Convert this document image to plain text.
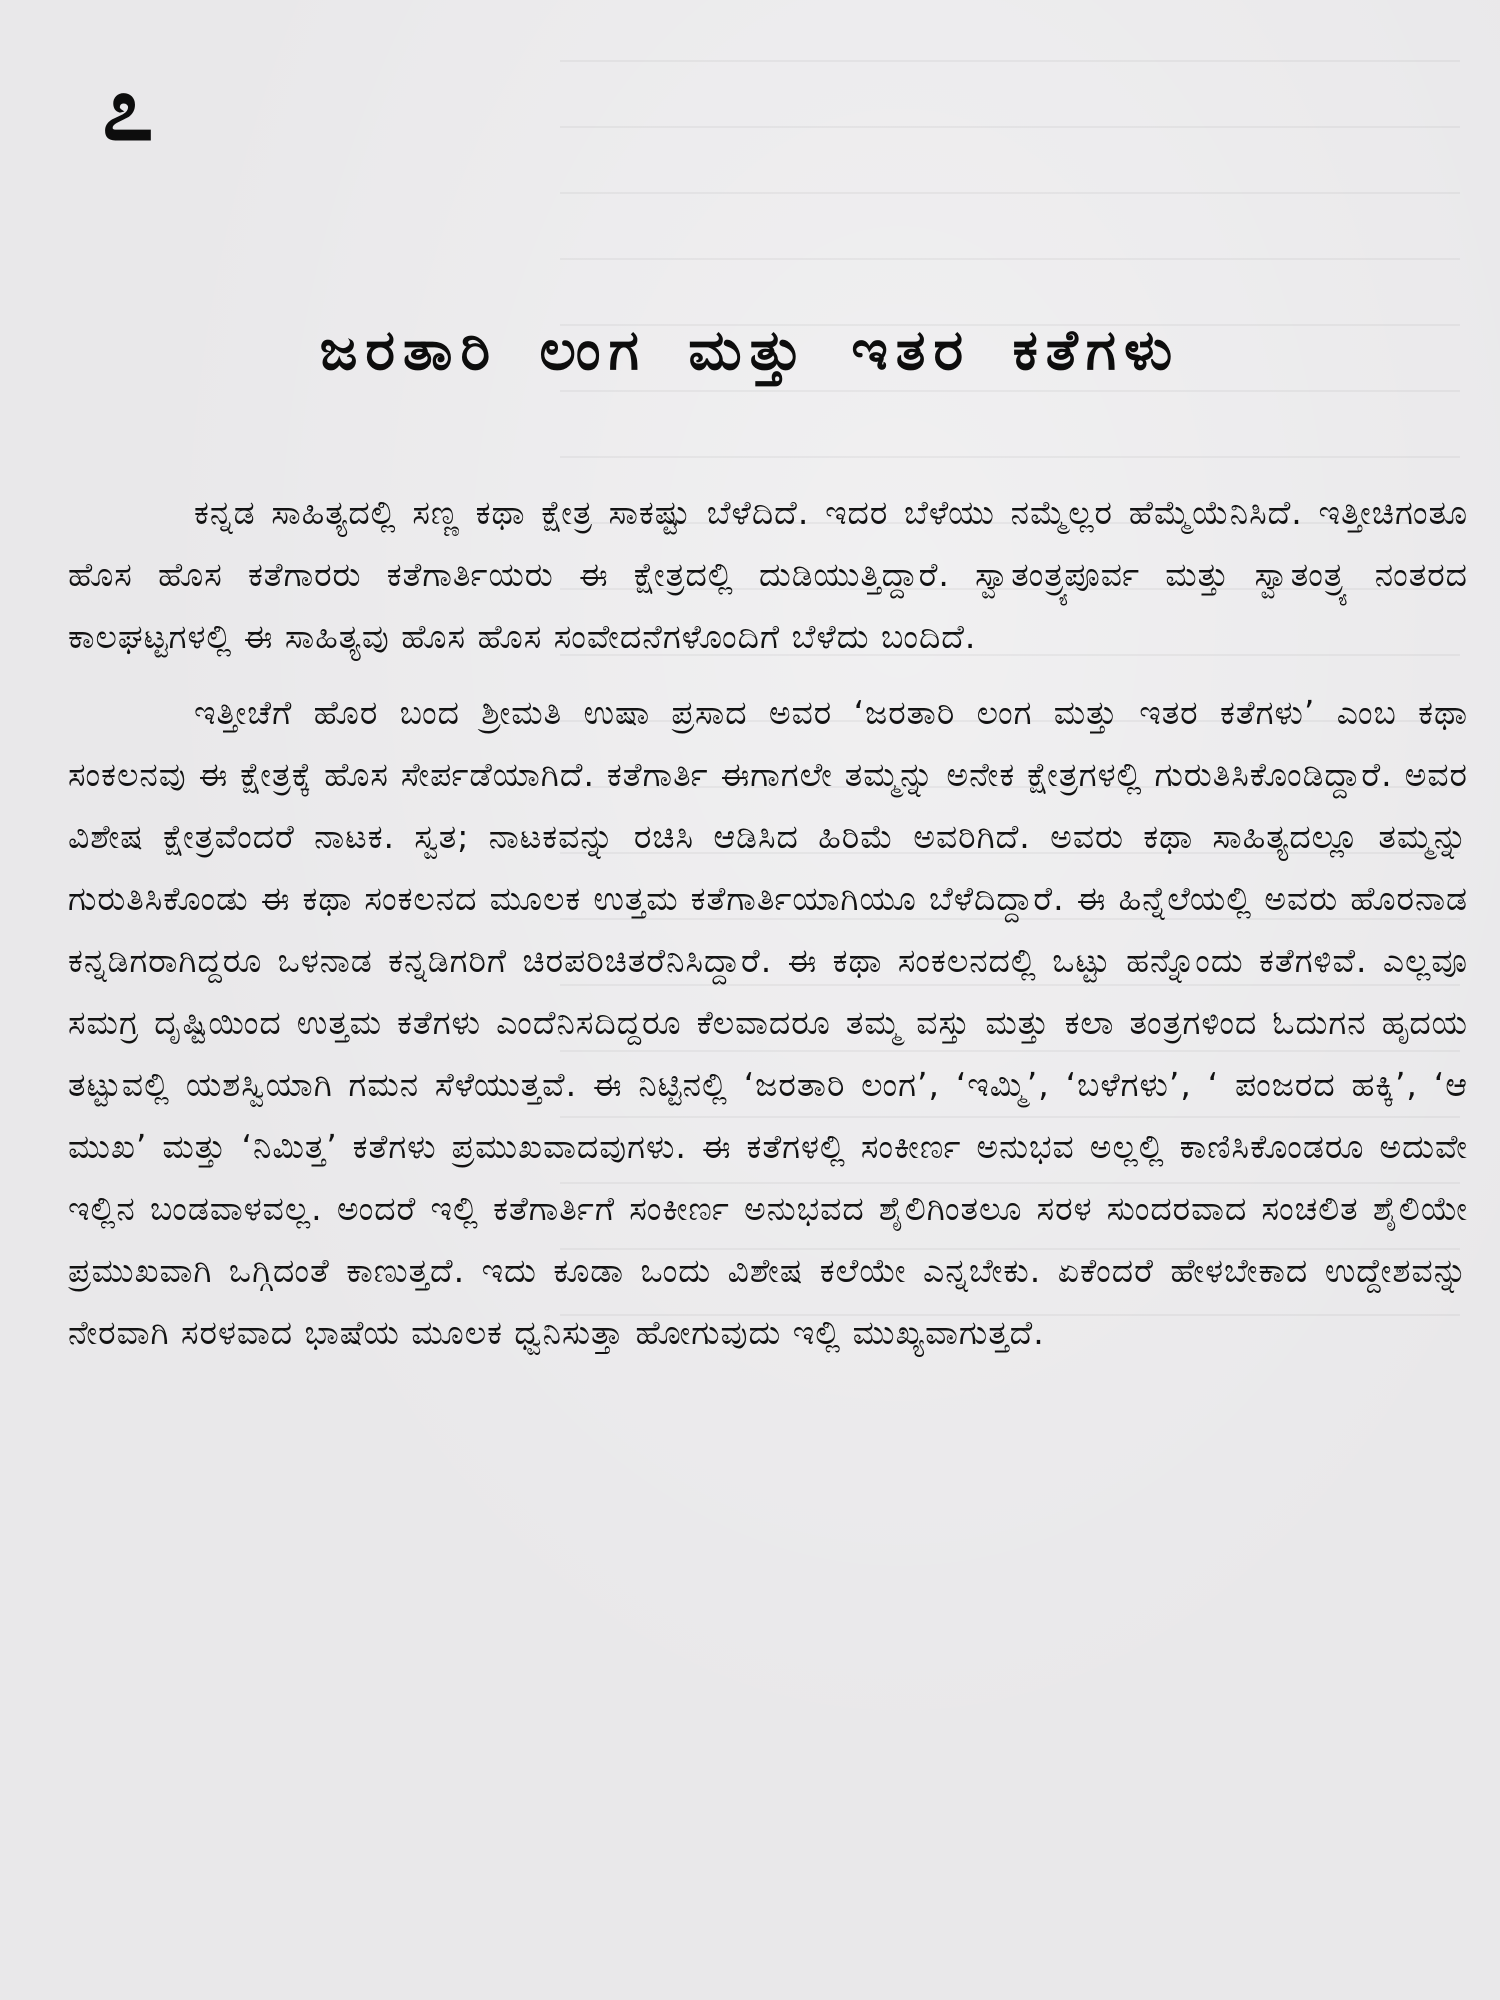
೭
ಜರತಾರಿ ಲಂಗ ಮತ್ತು ಇತರ ಕತೆಗಳು

ಕನ್ನಡ ಸಾಹಿತ್ಯದಲ್ಲಿ ಸಣ್ಣ ಕಥಾ ಕ್ಷೇತ್ರ ಸಾಕಷ್ಟು ಬೆಳೆದಿದೆ. ಇದರ ಬೆಳೆಯು ನಮ್ಮೆಲ್ಲರ ಹೆಮ್ಮೆಯೆನಿಸಿದೆ. ಇತ್ತೀಚಿಗಂತೂ ಹೊಸ ಹೊಸ ಕತೆಗಾರರು ಕತೆಗಾರ್ತಿಯರು ಈ ಕ್ಷೇತ್ರದಲ್ಲಿ ದುಡಿಯುತ್ತಿದ್ದಾರೆ. ಸ್ವಾತಂತ್ರ್ಯಪೂರ್ವ ಮತ್ತು ಸ್ವಾತಂತ್ರ್ಯ ನಂತರದ ಕಾಲಘಟ್ಟಗಳಲ್ಲಿ ಈ ಸಾಹಿತ್ಯವು ಹೊಸ ಹೊಸ ಸಂವೇದನೆಗಳೊಂದಿಗೆ ಬೆಳೆದು ಬಂದಿದೆ.

ಇತ್ತೀಚೆಗೆ ಹೊರ ಬಂದ ಶ್ರೀಮತಿ ಉಷಾ ಪ್ರಸಾದ ಅವರ ‘ಜರತಾರಿ ಲಂಗ ಮತ್ತು ಇತರ ಕತೆಗಳು’ ಎಂಬ ಕಥಾ ಸಂಕಲನವು ಈ ಕ್ಷೇತ್ರಕ್ಕೆ ಹೊಸ ಸೇರ್ಪಡೆಯಾಗಿದೆ. ಕತೆಗಾರ್ತಿ ಈಗಾಗಲೇ ತಮ್ಮನ್ನು ಅನೇಕ ಕ್ಷೇತ್ರಗಳಲ್ಲಿ ಗುರುತಿಸಿಕೊಂಡಿದ್ದಾರೆ. ಅವರ ವಿಶೇಷ ಕ್ಷೇತ್ರವೆಂದರೆ ನಾಟಕ. ಸ್ವತ; ನಾಟಕವನ್ನು ರಚಿಸಿ ಆಡಿಸಿದ ಹಿರಿಮೆ ಅವರಿಗಿದೆ. ಅವರು ಕಥಾ ಸಾಹಿತ್ಯದಲ್ಲೂ ತಮ್ಮನ್ನು ಗುರುತಿಸಿಕೊಂಡು ಈ ಕಥಾ ಸಂಕಲನದ ಮೂಲಕ ಉತ್ತಮ ಕತೆಗಾರ್ತಿಯಾಗಿಯೂ ಬೆಳೆದಿದ್ದಾರೆ. ಈ ಹಿನ್ನೆಲೆಯಲ್ಲಿ ಅವರು ಹೊರನಾಡ ಕನ್ನಡಿಗರಾಗಿದ್ದರೂ ಒಳನಾಡ ಕನ್ನಡಿಗರಿಗೆ ಚಿರಪರಿಚಿತರೆನಿಸಿದ್ದಾರೆ. ಈ ಕಥಾ ಸಂಕಲನದಲ್ಲಿ ಒಟ್ಟು ಹನ್ನೊಂದು ಕತೆಗಳಿವೆ. ಎಲ್ಲವೂ ಸಮಗ್ರ ದೃಷ್ಟಿಯಿಂದ ಉತ್ತಮ ಕತೆಗಳು ಎಂದೆನಿಸದಿದ್ದರೂ ಕೆಲವಾದರೂ ತಮ್ಮ ವಸ್ತು ಮತ್ತು ಕಲಾ ತಂತ್ರಗಳಿಂದ ಓದುಗನ ಹೃದಯ ತಟ್ಟುವಲ್ಲಿ ಯಶಸ್ವಿಯಾಗಿ ಗಮನ ಸೆಳೆಯುತ್ತವೆ. ಈ ನಿಟ್ಟಿನಲ್ಲಿ ‘ಜರತಾರಿ ಲಂಗ’, ‘ಇಮ್ಮಿ’, ‘ಬಳೆಗಳು’, ‘ ಪಂಜರದ ಹಕ್ಕಿ’, ‘ಆ ಮುಖ’ ಮತ್ತು ‘ನಿಮಿತ್ತ’ ಕತೆಗಳು ಪ್ರಮುಖವಾದವುಗಳು. ಈ ಕತೆಗಳಲ್ಲಿ ಸಂಕೀರ್ಣ ಅನುಭವ ಅಲ್ಲಲ್ಲಿ ಕಾಣಿಸಿಕೊಂಡರೂ ಅದುವೇ ಇಲ್ಲಿನ ಬಂಡವಾಳವಲ್ಲ. ಅಂದರೆ ಇಲ್ಲಿ ಕತೆಗಾರ್ತಿಗೆ ಸಂಕೀರ್ಣ ಅನುಭವದ ಶೈಲಿಗಿಂತಲೂ ಸರಳ ಸುಂದರವಾದ ಸಂಚಲಿತ ಶೈಲಿಯೇ ಪ್ರಮುಖವಾಗಿ ಒಗ್ಗಿದಂತೆ ಕಾಣುತ್ತದೆ. ಇದು ಕೂಡಾ ಒಂದು ವಿಶೇಷ ಕಲೆಯೇ ಎನ್ನಬೇಕು. ಏಕೆಂದರೆ ಹೇಳಬೇಕಾದ ಉದ್ದೇಶವನ್ನು ನೇರವಾಗಿ ಸರಳವಾದ ಭಾಷೆಯ ಮೂಲಕ ಧ್ವನಿಸುತ್ತಾ ಹೋಗುವುದು ಇಲ್ಲಿ ಮುಖ್ಯವಾಗುತ್ತದೆ.
